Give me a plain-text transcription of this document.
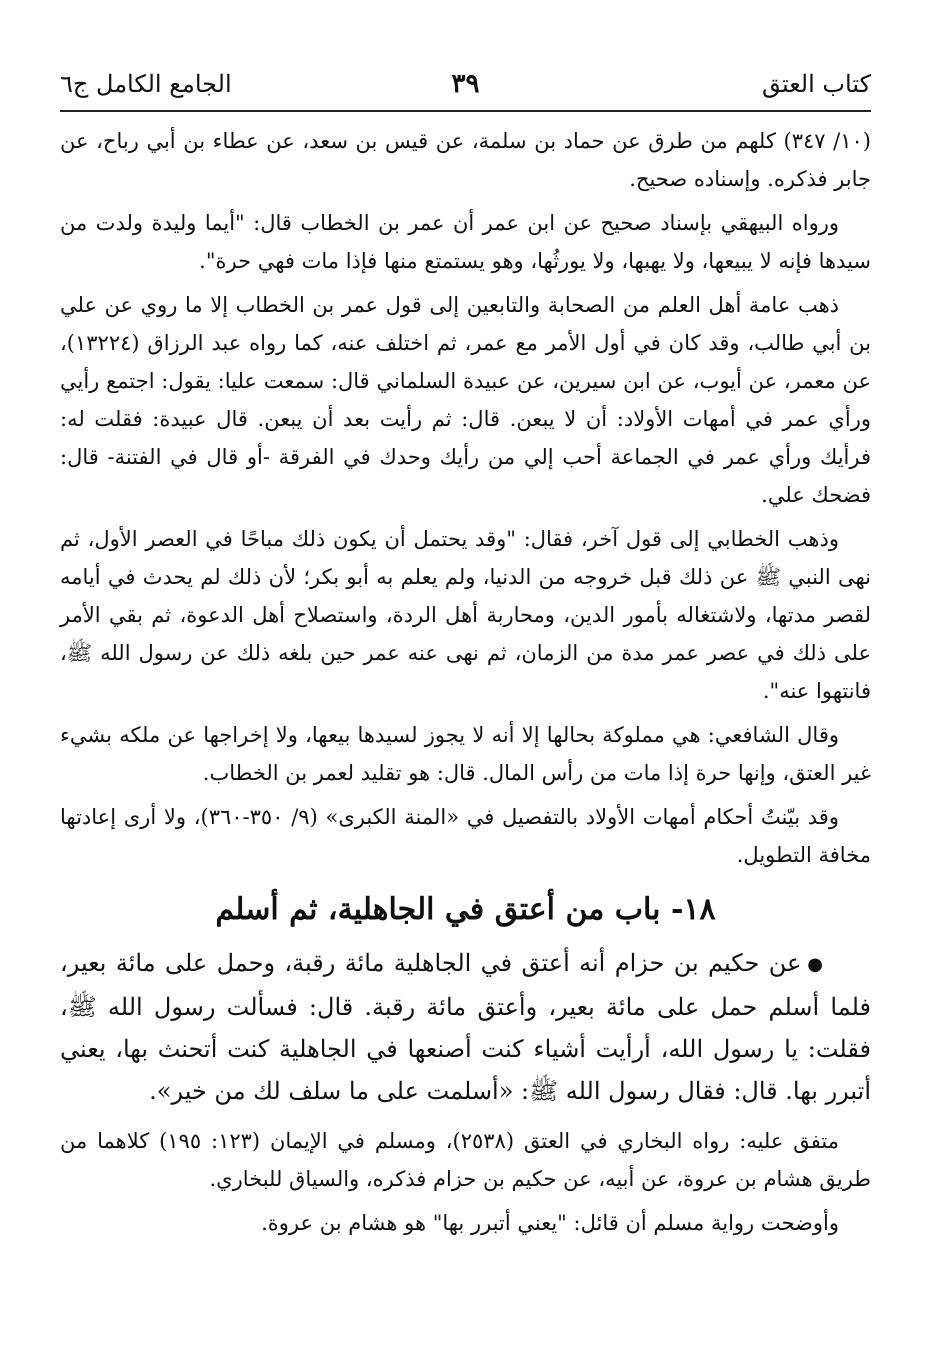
كتاب العتق
٣٩
الجامع الكامل ج٦

(١٠/ ٣٤٧) كلهم من طرق عن حماد بن سلمة، عن قيس بن سعد، عن عطاء بن أبي رباح، عن جابر فذكره. وإسناده صحيح.

ورواه البيهقي بإسناد صحيح عن ابن عمر أن عمر بن الخطاب قال: "أيما وليدة ولدت من سيدها فإنه لا يبيعها، ولا يهبها، ولا يورثُها، وهو يستمتع منها فإذا مات فهي حرة".

ذهب عامة أهل العلم من الصحابة والتابعين إلى قول عمر بن الخطاب إلا ما روي عن علي بن أبي طالب، وقد كان في أول الأمر مع عمر، ثم اختلف عنه، كما رواه عبد الرزاق (١٣٢٢٤)، عن معمر، عن أيوب، عن ابن سيرين، عن عبيدة السلماني قال: سمعت عليا: يقول: اجتمع رأيي ورأي عمر في أمهات الأولاد: أن لا يبعن. قال: ثم رأيت بعد أن يبعن. قال عبيدة: فقلت له: فرأيك ورأي عمر في الجماعة أحب إلي من رأيك وحدك في الفرقة -أو قال في الفتنة- قال: فضحك علي.

وذهب الخطابي إلى قول آخر، فقال: "وقد يحتمل أن يكون ذلك مباحًا في العصر الأول، ثم نهى النبي ﷺ عن ذلك قبل خروجه من الدنيا، ولم يعلم به أبو بكر؛ لأن ذلك لم يحدث في أيامه لقصر مدتها، ولاشتغاله بأمور الدين، ومحاربة أهل الردة، واستصلاح أهل الدعوة، ثم بقي الأمر على ذلك في عصر عمر مدة من الزمان، ثم نهى عنه عمر حين بلغه ذلك عن رسول الله ﷺ، فانتهوا عنه".

وقال الشافعي: هي مملوكة بحالها إلا أنه لا يجوز لسيدها بيعها، ولا إخراجها عن ملكه بشيء غير العتق، وإنها حرة إذا مات من رأس المال. قال: هو تقليد لعمر بن الخطاب.

وقد بيّنتُ أحكام أمهات الأولاد بالتفصيل في «المنة الكبرى» (٩/ ٣٥٠-٣٦٠)، ولا أرى إعادتها مخافة التطويل.

١٨- باب من أعتق في الجاهلية، ثم أسلم

●عن حكيم بن حزام أنه أعتق في الجاهلية مائة رقبة، وحمل على مائة بعير، فلما أسلم حمل على مائة بعير، وأعتق مائة رقبة. قال: فسألت رسول الله ﷺ، فقلت: يا رسول الله، أرأيت أشياء كنت أصنعها في الجاهلية كنت أتحنث بها، يعني أتبرر بها. قال: فقال رسول الله ﷺ: «أسلمت على ما سلف لك من خير».

متفق عليه: رواه البخاري في العتق (٢٥٣٨)، ومسلم في الإيمان (١٢٣: ١٩٥) كلاهما من طريق هشام بن عروة، عن أبيه، عن حكيم بن حزام فذكره، والسياق للبخاري.

وأوضحت رواية مسلم أن قائل: "يعني أتبرر بها" هو هشام بن عروة.
